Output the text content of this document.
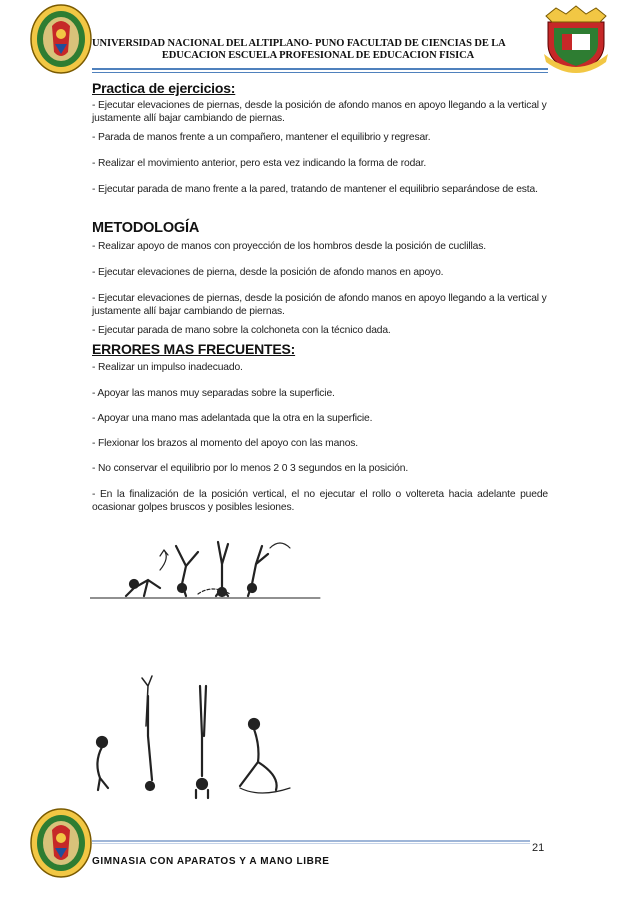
UNIVERSIDAD NACIONAL DEL ALTIPLANO- PUNO FACULTAD DE CIENCIAS DE LA
EDUCACION ESCUELA PROFESIONAL DE EDUCACION FISICA
Practica de ejercicios:
- Ejecutar elevaciones de piernas, desde la posición de afondo manos en apoyo llegando a la vertical y justamente allí bajar cambiando de piernas.
- Parada de manos frente a un compañero, mantener el equilibrio y regresar.
- Realizar el movimiento anterior, pero esta vez indicando la forma de rodar.
- Ejecutar parada de mano frente a la pared, tratando de mantener el equilibrio separándose de esta.
METODOLOGÍA
- Realizar apoyo de manos con proyección de los hombros desde la posición de cuclillas.
- Ejecutar elevaciones de pierna, desde la posición de afondo manos en apoyo.
- Ejecutar elevaciones de piernas, desde la posición de afondo manos en apoyo llegando a la vertical y justamente allí bajar cambiando de piernas.
- Ejecutar parada de mano sobre la colchoneta con la técnico dada.
ERRORES MAS FRECUENTES:
- Realizar un impulso inadecuado.
- Apoyar las manos muy separadas sobre la superficie.
- Apoyar una mano mas adelantada que la otra en la superficie.
- Flexionar los brazos al momento del apoyo con las manos.
- No conservar el equilibrio por lo menos 2 0 3 segundos en la posición.
- En la finalización de la posición vertical, el no ejecutar el rollo o voltereta hacia adelante puede ocasionar golpes bruscos y posibles lesiones.
21
GIMNASIA CON APARATOS Y A MANO LIBRE
